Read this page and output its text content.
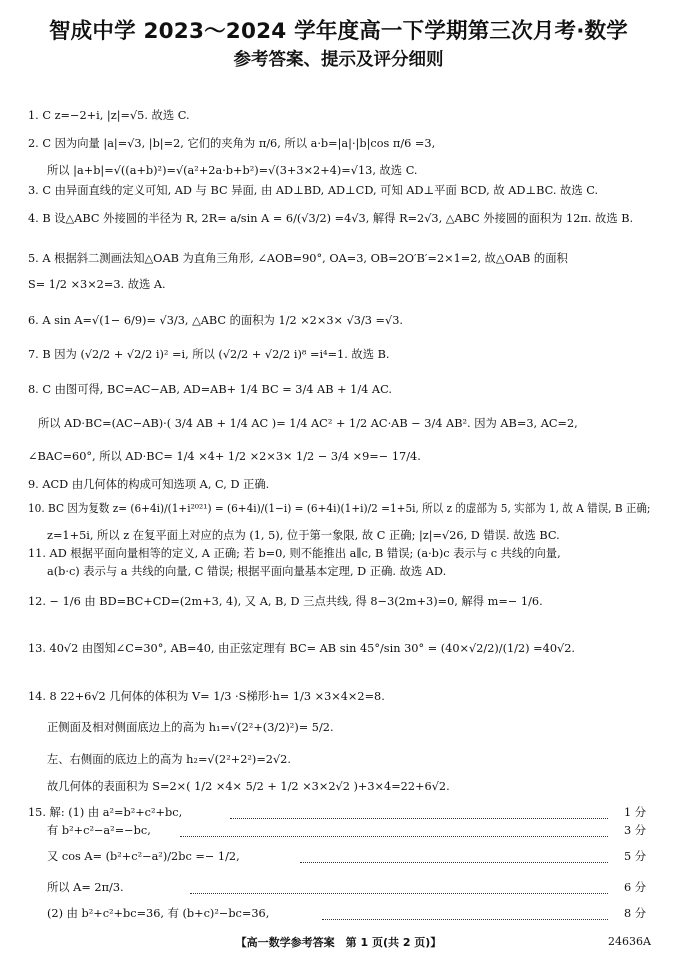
智成中学 2023～2024 学年度高一下学期第三次月考·数学
参考答案、提示及评分细则
1. C z=−2+i, |z|=√5. 故选 C.
2. C 因为向量 |a|=√3, |b|=2, 它们的夹角为 π/6, 所以 a·b=|a|·|b|cos π/6 =3,
所以 |a+b|=√((a+b)²)=√(a²+2a·b+b²)=√(3+3×2+4)=√13, 故选 C.
3. C 由异面直线的定义可知, AD 与 BC 异面, 由 AD⊥BD, AD⊥CD, 可知 AD⊥平面 BCD, 故 AD⊥BC. 故选 C.
4. B 设△ABC 外接圆的半径为 R, 2R= a/sin A = 6/(√3/2) =4√3, 解得 R=2√3, △ABC 外接圆的面积为 12π. 故选 B.
5. A 根据斜二测画法知△OAB 为直角三角形, ∠AOB=90°, OA=3, OB=2O′B′=2×1=2, 故△OAB 的面积
S= 1/2 ×3×2=3. 故选 A.
6. A sin A=√(1− 6/9)= √3/3, △ABC 的面积为 1/2 ×2×3× √3/3 =√3.
7. B 因为 (√2/2 + √2/2 i)² =i, 所以 (√2/2 + √2/2 i)⁸ =i⁴=1. 故选 B.
8. C 由图可得, BC=AC−AB, AD=AB+ 1/4 BC = 3/4 AB + 1/4 AC.
所以 AD·BC=(AC−AB)·( 3/4 AB + 1/4 AC )= 1/4 AC² + 1/2 AC·AB − 3/4 AB². 因为 AB=3, AC=2,
∠BAC=60°, 所以 AD·BC= 1/4 ×4+ 1/2 ×2×3× 1/2 − 3/4 ×9=− 17/4.
9. ACD 由几何体的构成可知选项 A, C, D 正确.
10. BC 因为复数 z= (6+4i)/(1+i²⁰²¹) = (6+4i)/(1−i) = (6+4i)(1+i)/2 =1+5i, 所以 z 的虚部为 5, 实部为 1, 故 A 错误, B 正确;
z=1+5i, 所以 z 在复平面上对应的点为 (1, 5), 位于第一象限, 故 C 正确; |z|=√26, D 错误. 故选 BC.
11. AD 根据平面向量相等的定义, A 正确; 若 b=0, 则不能推出 a∥c, B 错误; (a·b)c 表示与 c 共线的向量,
a(b·c) 表示与 a 共线的向量, C 错误; 根据平面向量基本定理, D 正确. 故选 AD.
12. − 1/6 由 BD=BC+CD=(2m+3, 4), 又 A, B, D 三点共线, 得 8−3(2m+3)=0, 解得 m=− 1/6.
13. 40√2 由图知∠C=30°, AB=40, 由正弦定理有 BC= AB sin 45°/sin 30° = (40×√2/2)/(1/2) =40√2.
14. 8 22+6√2 几何体的体积为 V= 1/3 ·S梯形·h= 1/3 ×3×4×2=8.
正侧面及相对侧面底边上的高为 h₁=√(2²+(3/2)²)= 5/2.
左、右侧面的底边上的高为 h₂=√(2²+2²)=2√2.
故几何体的表面积为 S=2×( 1/2 ×4× 5/2 + 1/2 ×3×2√2 )+3×4=22+6√2.
15. 解: (1) 由 a²=b²+c²+bc,
有 b²+c²−a²=−bc,
又 cos A= (b²+c²−a²)/2bc =− 1/2,
所以 A= 2π/3.
(2) 由 b²+c²+bc=36, 有 (b+c)²−bc=36,
1 分
3 分
5 分
6 分
8 分
【高一数学参考答案　第 1 页(共 2 页)】	24636A
